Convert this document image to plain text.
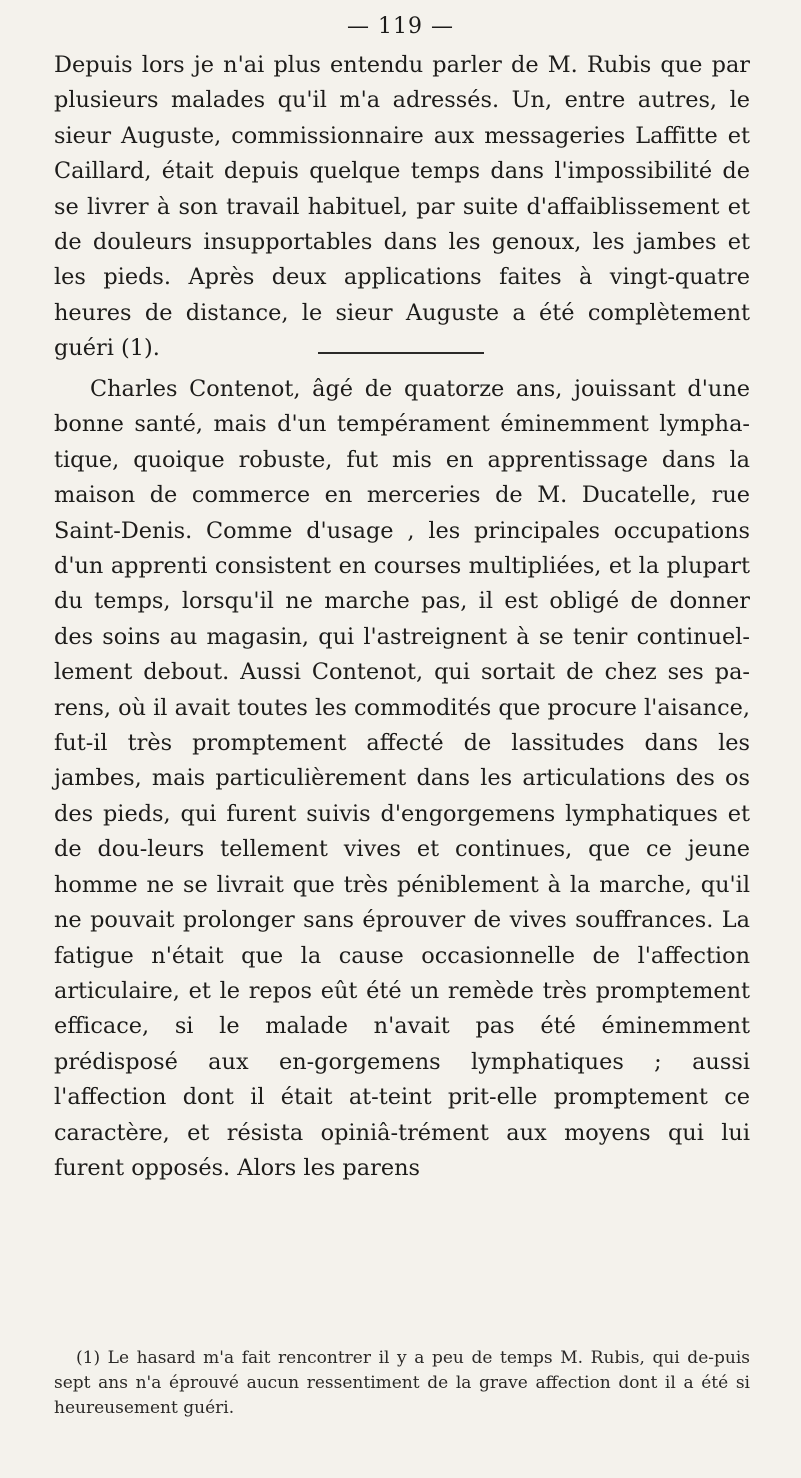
— 119 —

Depuis lors je n'ai plus entendu parler de M. Rubis que par plusieurs malades qu'il m'a adressés. Un, entre autres, le sieur Auguste, commissionnaire aux messageries Laffitte et Caillard, était depuis quelque temps dans l'impossibilité de se livrer à son travail habituel, par suite d'affaiblissement et de douleurs insupportables dans les genoux, les jambes et les pieds. Après deux applications faites à vingt-quatre heures de distance, le sieur Auguste a été complètement guéri (1).

Charles Contenot, âgé de quatorze ans, jouissant d'une bonne santé, mais d'un tempérament éminemment lympha-tique, quoique robuste, fut mis en apprentissage dans la maison de commerce en merceries de M. Ducatelle, rue Saint-Denis. Comme d'usage , les principales occupations d'un apprenti consistent en courses multipliées, et la plupart du temps, lorsqu'il ne marche pas, il est obligé de donner des soins au magasin, qui l'astreignent à se tenir continuel-lement debout. Aussi Contenot, qui sortait de chez ses pa-rens, où il avait toutes les commodités que procure l'aisance, fut-il très promptement affecté de lassitudes dans les jambes, mais particulièrement dans les articulations des os des pieds, qui furent suivis d'engorgemens lymphatiques et de dou-leurs tellement vives et continues, que ce jeune homme ne se livrait que très péniblement à la marche, qu'il ne pouvait prolonger sans éprouver de vives souffrances. La fatigue n'était que la cause occasionnelle de l'affection articulaire, et le repos eût été un remède très promptement efficace, si le malade n'avait pas été éminemment prédisposé aux en-gorgemens lymphatiques ; aussi l'affection dont il était at-teint prit-elle promptement ce caractère, et résista opiniâ-trément aux moyens qui lui furent opposés. Alors les parens

(1) Le hasard m'a fait rencontrer il y a peu de temps M. Rubis, qui de-puis sept ans n'a éprouvé aucun ressentiment de la grave affection dont il a été si heureusement guéri.
